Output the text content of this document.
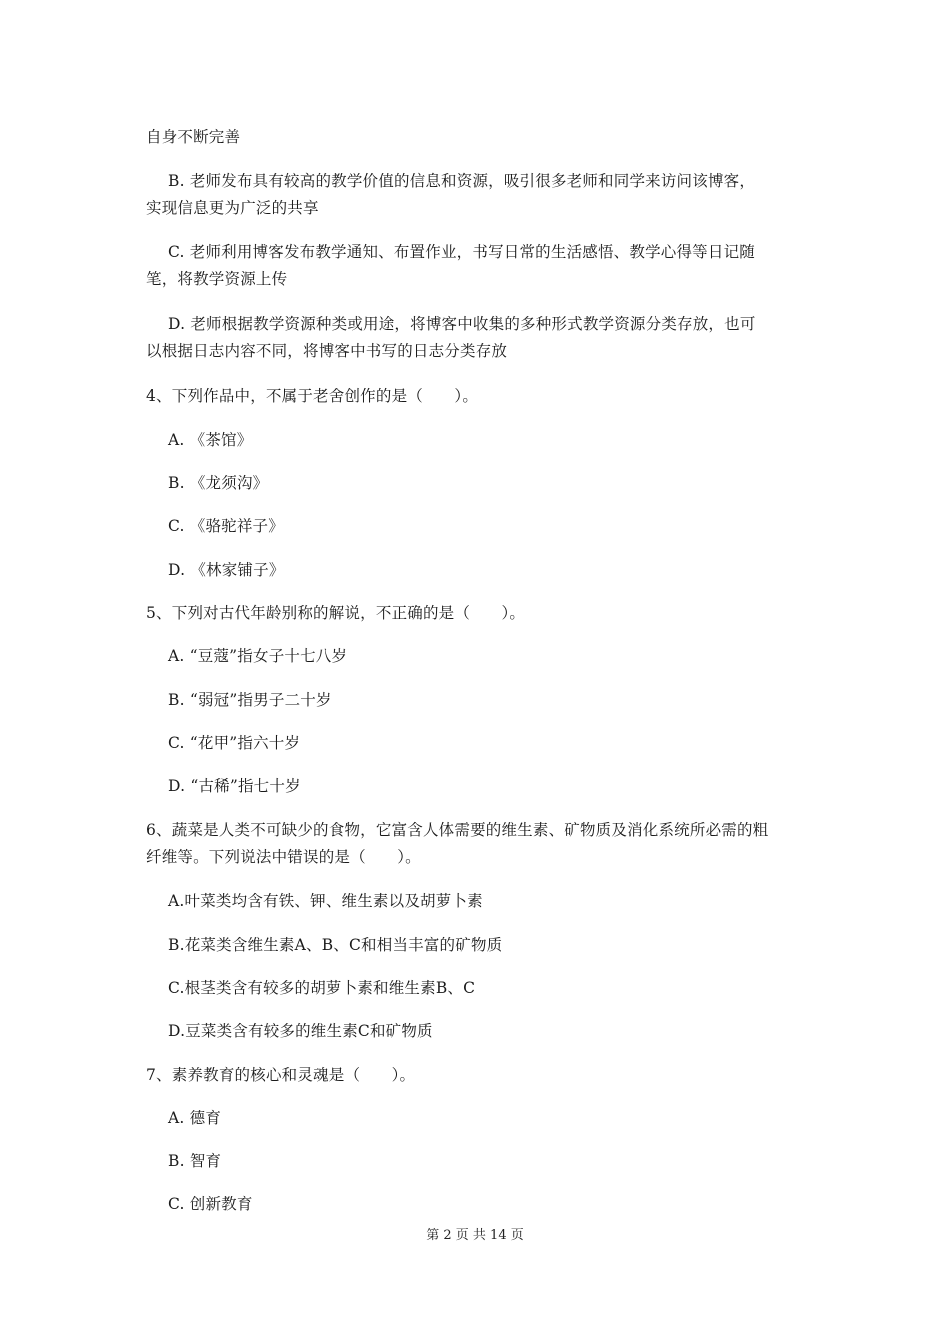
自身不断完善
B. 老师发布具有较高的教学价值的信息和资源，吸引很多老师和同学来访问该博客，
实现信息更为广泛的共享
C. 老师利用博客发布教学通知、布置作业，书写日常的生活感悟、教学心得等日记随
笔，将教学资源上传
D. 老师根据教学资源种类或用途，将博客中收集的多种形式教学资源分类存放，也可
以根据日志内容不同，将博客中书写的日志分类存放
4、下列作品中，不属于老舍创作的是（　　）。
A. 《茶馆》
B. 《龙须沟》
C. 《骆驼祥子》
D. 《林家铺子》
5、下列对古代年龄别称的解说，不正确的是（　　）。
A. “豆蔻”指女子十七八岁
B. “弱冠”指男子二十岁
C. “花甲”指六十岁
D. “古稀”指七十岁
6、蔬菜是人类不可缺少的食物，它富含人体需要的维生素、矿物质及消化系统所必需的粗
纤维等。下列说法中错误的是（　　）。
A.叶菜类均含有铁、钾、维生素以及胡萝卜素
B.花菜类含维生素A、B、C和相当丰富的矿物质
C.根茎类含有较多的胡萝卜素和维生素B、C
D.豆菜类含有较多的维生素C和矿物质
7、素养教育的核心和灵魂是（　　）。
A. 德育
B. 智育
C. 创新教育
第 2 页 共 14 页
